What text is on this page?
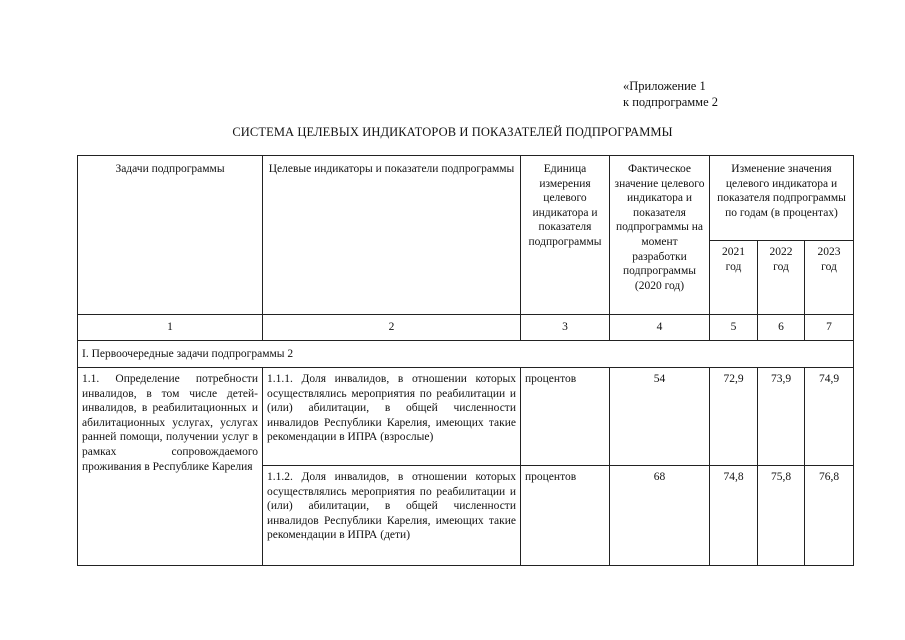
«Приложение 1
к подпрограмме 2
СИСТЕМА ЦЕЛЕВЫХ ИНДИКАТОРОВ И ПОКАЗАТЕЛЕЙ ПОДПРОГРАММЫ
Задачи подпрограммы	Целевые индикаторы и показатели подпрограммы	Единица измерения целевого индикатора и показателя подпрограммы	Фактическое значение целевого индикатора и показателя подпрограммы на момент разработки подпрограммы (2020 год)	Изменение значения целевого индикатора и показателя подпрограммы по годам (в процентах)		
				2021 год	2022 год	2023 год
1	2	3	4	5	6	7
I. Первоочередные задачи подпрограммы 2						
1.1. Определение потребности инвалидов, в том числе детей-инвалидов, в реабилитационных и абилитационных услугах, услугах ранней помощи, получении услуг в рамках сопровождаемого проживания в Республике Карелия	1.1.1. Доля инвалидов, в отношении которых осуществлялись мероприятия по реабилитации и (или) абилитации, в общей численности инвалидов Республики Карелия, имеющих такие рекомендации в ИПРА (взрослые)	процентов	54	72,9	73,9	74,9
	1.1.2. Доля инвалидов, в отношении которых осуществлялись мероприятия по реабилитации и (или) абилитации, в общей численности инвалидов Республики Карелия, имеющих такие рекомендации в ИПРА (дети)	процентов	68	74,8	75,8	76,8
